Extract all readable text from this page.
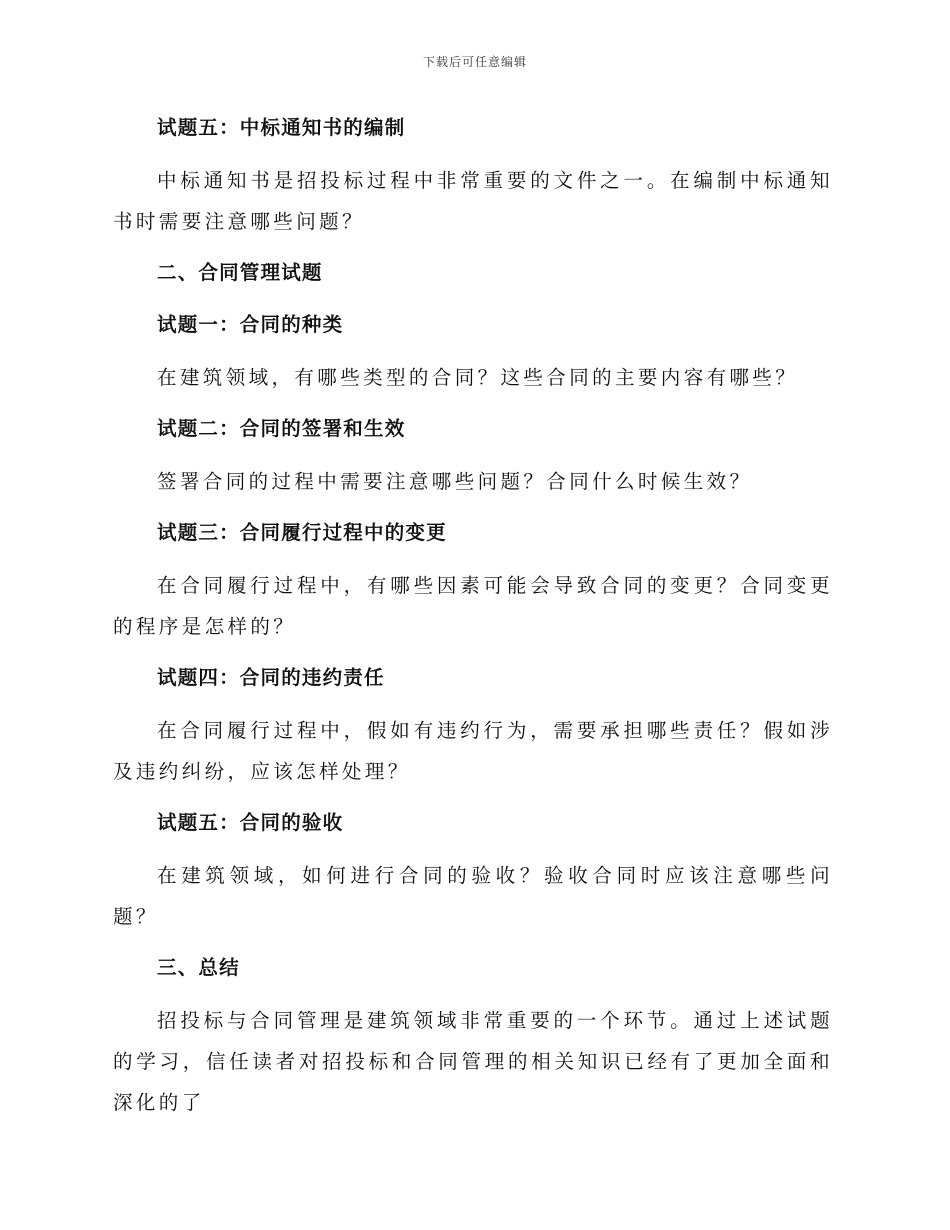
下载后可任意编辑
试题五：中标通知书的编制
中标通知书是招投标过程中非常重要的文件之一。在编制中标通知书时需要注意哪些问题？
二、合同管理试题
试题一：合同的种类
在建筑领域，有哪些类型的合同？这些合同的主要内容有哪些？
试题二：合同的签署和生效
签署合同的过程中需要注意哪些问题？合同什么时候生效？
试题三：合同履行过程中的变更
在合同履行过程中，有哪些因素可能会导致合同的变更？合同变更的程序是怎样的？
试题四：合同的违约责任
在合同履行过程中，假如有违约行为，需要承担哪些责任？假如涉及违约纠纷，应该怎样处理？
试题五：合同的验收
在建筑领域，如何进行合同的验收？验收合同时应该注意哪些问题？
三、总结
招投标与合同管理是建筑领域非常重要的一个环节。通过上述试题的学习，信任读者对招投标和合同管理的相关知识已经有了更加全面和深化的了
